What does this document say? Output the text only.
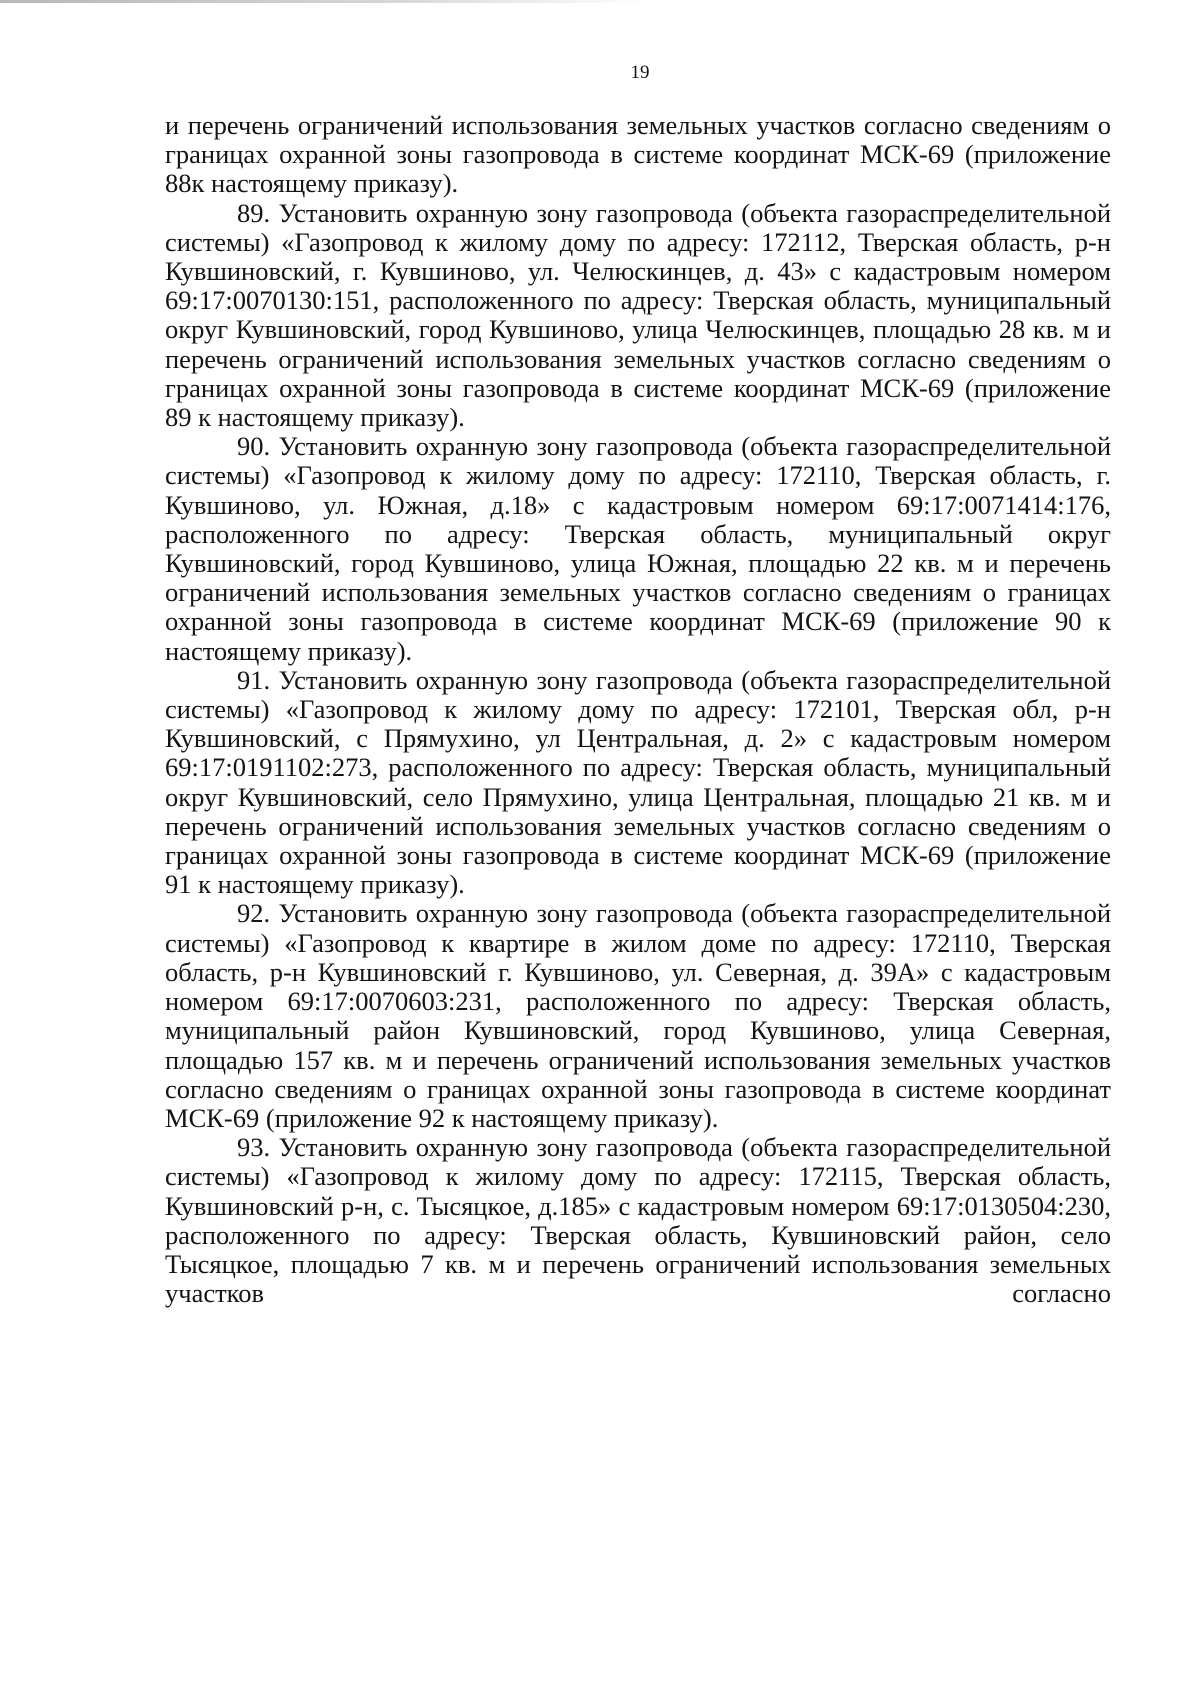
19

и перечень ограничений использования земельных участков согласно сведениям о границах охранной зоны газопровода в системе координат МСК-69 (приложение 88к настоящему приказу).

89. Установить охранную зону газопровода (объекта газораспределительной системы) «Газопровод к жилому дому по адресу: 172112, Тверская область, р-н Кувшиновский, г. Кувшиново, ул. Челюскинцев, д. 43» с кадастровым номером 69:17:0070130:151, расположенного по адресу: Тверская область, муниципальный округ Кувшиновский, город Кувшиново, улица Челюскинцев, площадью 28 кв. м и перечень ограничений использования земельных участков согласно сведениям о границах охранной зоны газопровода в системе координат МСК-69 (приложение 89 к настоящему приказу).

90. Установить охранную зону газопровода (объекта газораспределительной системы) «Газопровод к жилому дому по адресу: 172110, Тверская область, г. Кувшиново, ул. Южная, д.18» с кадастровым номером 69:17:0071414:176, расположенного по адресу: Тверская область, муниципальный округ Кувшиновский, город Кувшиново, улица Южная, площадью 22 кв. м и перечень ограничений использования земельных участков согласно сведениям о границах охранной зоны газопровода в системе координат МСК-69 (приложение 90 к настоящему приказу).

91. Установить охранную зону газопровода (объекта газораспределительной системы) «Газопровод к жилому дому по адресу: 172101, Тверская обл, р-н Кувшиновский, с Прямухино, ул Центральная, д. 2» с кадастровым номером 69:17:0191102:273, расположенного по адресу: Тверская область, муниципальный округ Кувшиновский, село Прямухино, улица Центральная, площадью 21 кв. м и перечень ограничений использования земельных участков согласно сведениям о границах охранной зоны газопровода в системе координат МСК-69 (приложение 91 к настоящему приказу).

92. Установить охранную зону газопровода (объекта газораспределительной системы) «Газопровод к квартире в жилом доме по адресу: 172110, Тверская область, р-н Кувшиновский г. Кувшиново, ул. Северная, д. 39А» с кадастровым номером 69:17:0070603:231, расположенного по адресу: Тверская область, муниципальный район Кувшиновский, город Кувшиново, улица Северная, площадью 157 кв. м и перечень ограничений использования земельных участков согласно сведениям о границах охранной зоны газопровода в системе координат МСК-69 (приложение 92 к настоящему приказу).

93. Установить охранную зону газопровода (объекта газораспределительной системы) «Газопровод к жилому дому по адресу: 172115, Тверская область, Кувшиновский р-н, с. Тысяцкое, д.185» с кадастровым номером 69:17:0130504:230, расположенного по адресу: Тверская область, Кувшиновский район, село Тысяцкое, площадью 7 кв. м и перечень ограничений использования земельных участков согласно
